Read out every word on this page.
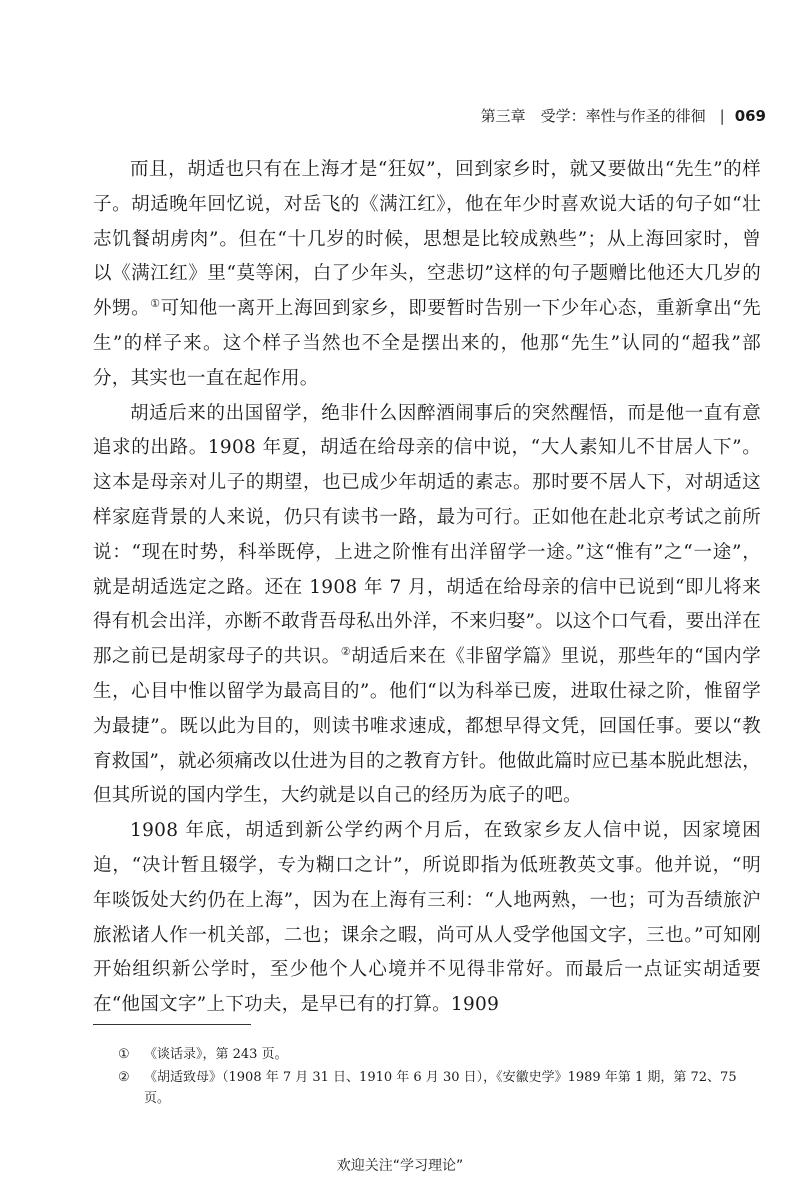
第三章　受学：率性与作圣的徘徊 | 069

而且，胡适也只有在上海才是“狂奴”，回到家乡时，就又要做出“先生”的样子。胡适晚年回忆说，对岳飞的《满江红》，他在年少时喜欢说大话的句子如“壮志饥餐胡虏肉”。但在“十几岁的时候，思想是比较成熟些”；从上海回家时，曾以《满江红》里“莫等闲，白了少年头，空悲切”这样的句子题赠比他还大几岁的外甥。①可知他一离开上海回到家乡，即要暂时告别一下少年心态，重新拿出“先生”的样子来。这个样子当然也不全是摆出来的，他那“先生”认同的“超我”部分，其实也一直在起作用。

胡适后来的出国留学，绝非什么因醉酒闹事后的突然醒悟，而是他一直有意追求的出路。1908 年夏，胡适在给母亲的信中说，“大人素知儿不甘居人下”。这本是母亲对儿子的期望，也已成少年胡适的素志。那时要不居人下，对胡适这样家庭背景的人来说，仍只有读书一路，最为可行。正如他在赴北京考试之前所说：“现在时势，科举既停，上进之阶惟有出洋留学一途。”这“惟有”之“一途”，就是胡适选定之路。还在 1908 年 7 月，胡适在给母亲的信中已说到“即儿将来得有机会出洋，亦断不敢背吾母私出外洋，不来归娶”。以这个口气看，要出洋在那之前已是胡家母子的共识。②胡适后来在《非留学篇》里说，那些年的“国内学生，心目中惟以留学为最高目的”。他们“以为科举已废，进取仕禄之阶，惟留学为最捷”。既以此为目的，则读书唯求速成，都想早得文凭，回国任事。要以“教育救国”，就必须痛改以仕进为目的之教育方针。他做此篇时应已基本脱此想法，但其所说的国内学生，大约就是以自己的经历为底子的吧。

1908 年底，胡适到新公学约两个月后，在致家乡友人信中说，因家境困迫，“决计暂且辍学，专为糊口之计”，所说即指为低班教英文事。他并说，“明年啖饭处大约仍在上海”，因为在上海有三利：“人地两熟，一也；可为吾绩旅沪旅淞诸人作一机关部，二也；课余之暇，尚可从人受学他国文字，三也。”可知刚开始组织新公学时，至少他个人心境并不见得非常好。而最后一点证实胡适要在“他国文字”上下功夫，是早已有的打算。1909

①	《谈话录》，第 243 页。
②	《胡适致母》（1908 年 7 月 31 日、1910 年 6 月 30 日），《安徽史学》1989 年第 1 期，第 72、75 页。
欢迎关注“学习理论”
